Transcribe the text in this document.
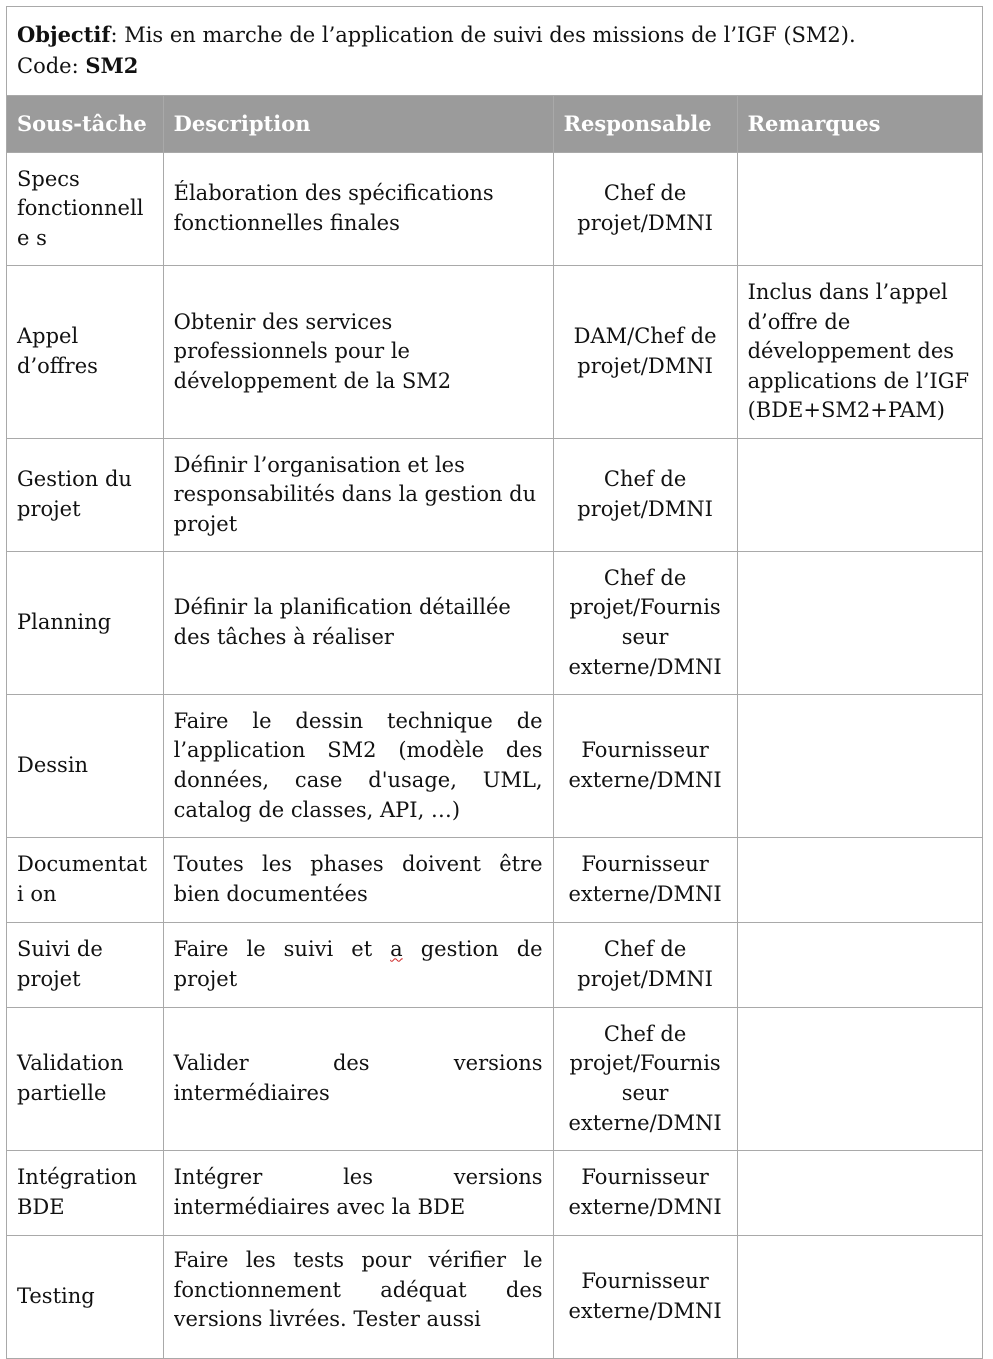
Objectif: Mis en marche de l’application de suivi des missions de l’IGF (SM2).
Code: SM2			

Sous-tâche	Description	Responsable	Remarques
Specs fonctionnelle s	Élaboration des spécifications fonctionnelles finales	Chef de projet/DMNI	
Appel d’offres	Obtenir des services professionnels pour le développement de la SM2	DAM/Chef de projet/DMNI	Inclus dans l’appel d’offre de développement des applications de l’IGF (BDE+SM2+PAM)
Gestion du projet	Définir l’organisation et les responsabilités dans la gestion du projet	Chef de projet/DMNI	
Planning	Définir la planification détaillée des tâches à réaliser	Chef de projet/Fournis seur externe/DMNI	
Dessin	Faire le dessin technique de l’application SM2 (modèle des données, case d'usage, UML, catalog de classes, API, …)	Fournisseur externe/DMNI	
Documentati on	Toutes les phases doivent être bien documentées	Fournisseur externe/DMNI	
Suivi de projet	Faire le suivi et a gestion de projet	Chef de projet/DMNI	
Validation partielle	Valider des versions intermédiaires	Chef de projet/Fournis seur externe/DMNI	
Intégration BDE	Intégrer les versions intermédiaires avec la BDE	Fournisseur externe/DMNI	
Testing	Faire les tests pour vérifier le fonctionnement adéquat des versions livrées. Tester aussi	Fournisseur externe/DMNI	
